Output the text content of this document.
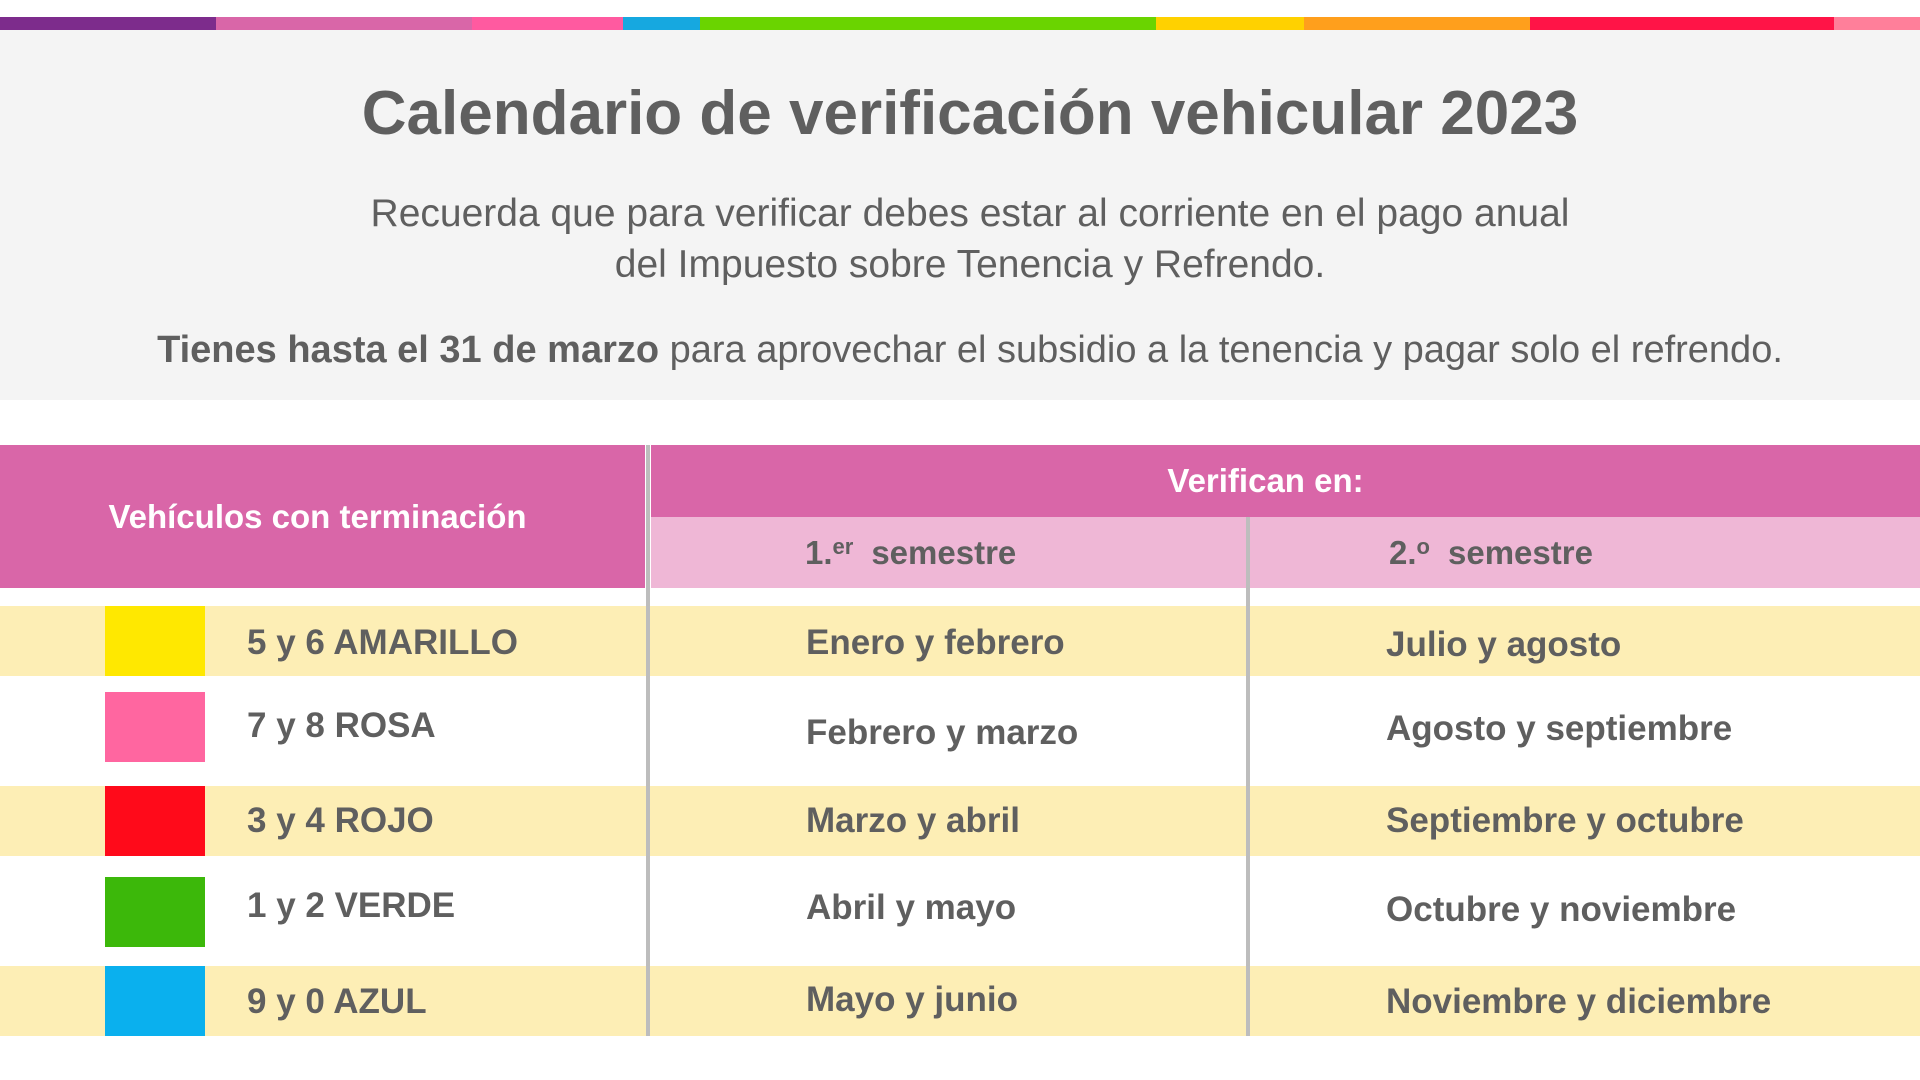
Calendario de verificación vehicular 2023
Recuerda que para verificar debes estar al corriente en el pago anual
del Impuesto sobre Tenencia y Refrendo.
Tienes hasta el 31 de marzo para aprovechar el subsidio a la tenencia y pagar solo el refrendo.
Vehículos con terminación
Verifican en:
1.$^{er}$ semestre	2.$^o$ semestre
5 y 6 AMARILLO
7 y 8 ROSA
3 y 4 ROJO
1 y 2 VERDE
9 y 0 AZUL
Enero y febrero
Febrero y marzo
Marzo y abril
Abril y mayo
Mayo y junio
Julio y agosto
Agosto y septiembre
Septiembre y octubre
Octubre y noviembre
Noviembre y diciembre
